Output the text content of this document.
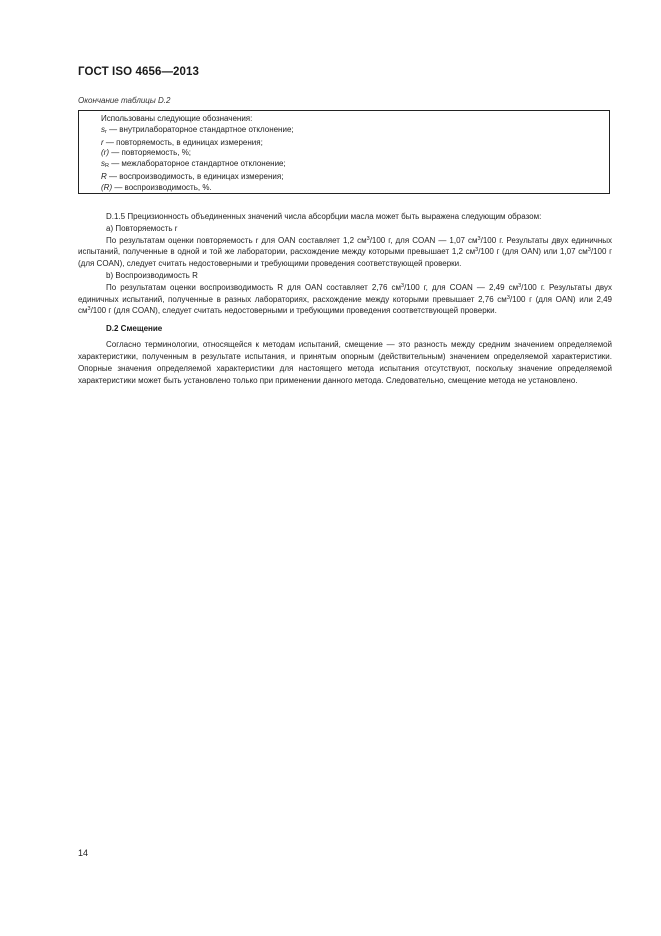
ГОСТ ISO 4656—2013
Окончание таблицы D.2
Использованы следующие обозначения:
$s_r$ — внутрилабораторное стандартное отклонение;
r — повторяемость, в единицах измерения;
(r) — повторяемость, %;
$s_R$ — межлабораторное стандартное отклонение;
R — воспроизводимость, в единицах измерения;
(R) — воспроизводимость, %.

D.1.5 Прецизионность объединенных значений числа абсорбции масла может быть выражена следующим образом:

а) Повторяемость r

По результатам оценки повторяемость r для OAN составляет 1,2 $см^3/100$ г, для COAN — 1,07 $см^3/100$ г. Результаты двух единичных испытаний, полученные в одной и той же лаборатории, расхождение между которыми превышает 1,2 $см^3/100$ г (для OAN) или 1,07 $см^3/100$ г (для COAN), следует считать недостоверными и требующими проведения соответствующей проверки.

b) Воспроизводимость R

По результатам оценки воспроизводимость R для OAN составляет 2,76 $см^3/100$ г, для COAN — 2,49 $см^3/100$ г. Результаты двух единичных испытаний, полученные в разных лабораториях, расхождение между которыми превышает 2,76 $см^3/100$ г (для OAN) или 2,49 $см^3/100$ г (для COAN), следует считать недостоверными и требующими проведения соответствующей проверки.

D.2 Смещение

Согласно терминологии, относящейся к методам испытаний, смещение — это разность между средним значением определяемой характеристики, полученным в результате испытания, и принятым опорным (действительным) значением определяемой характеристики. Опорные значения определяемой характеристики для настоящего метода испытания отсутствуют, поскольку значение определяемой характеристики может быть установлено только при применении данного метода. Следовательно, смещение метода не установлено.

14
